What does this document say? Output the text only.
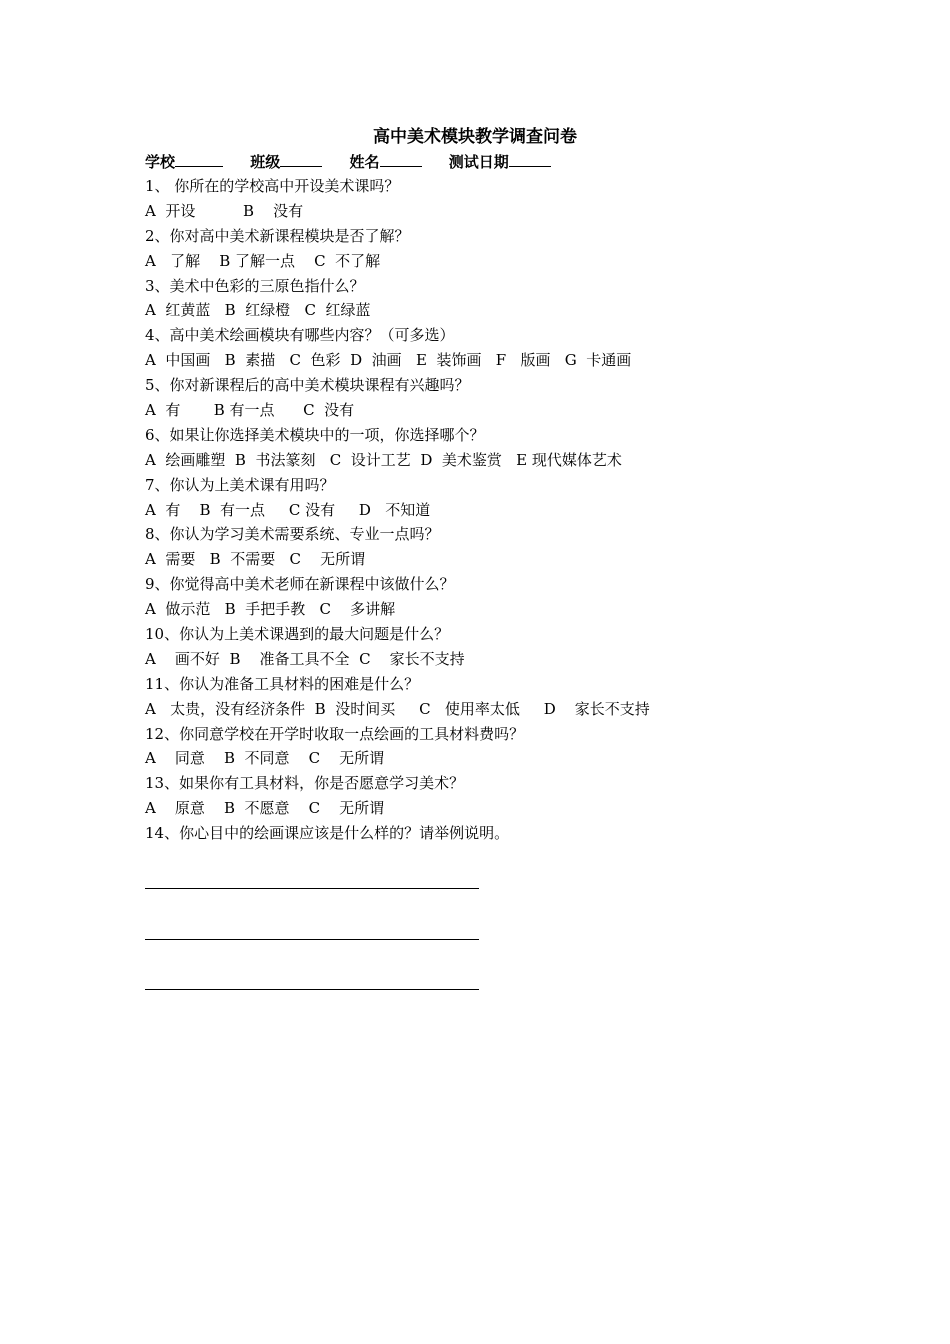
高中美术模块教学调查问卷
学校	班级	姓名	测试日期
1、 你所在的学校高中开设美术课吗？
A  开设          B    没有
2、你对高中美术新课程模块是否了解？
A   了解    B 了解一点    C  不了解
3、美术中色彩的三原色指什么？
A  红黄蓝   B  红绿橙   C  红绿蓝
4、高中美术绘画模块有哪些内容？（可多选）
A  中国画   B  素描   C  色彩  D  油画   E  装饰画   F   版画   G  卡通画
5、你对新课程后的高中美术模块课程有兴趣吗？
A  有       B 有一点      C  没有
6、如果让你选择美术模块中的一项，你选择哪个？
A  绘画雕塑  B  书法篆刻   C  设计工艺  D  美术鉴赏   E 现代媒体艺术
7、你认为上美术课有用吗？
A  有    B  有一点     C 没有     D   不知道
8、你认为学习美术需要系统、专业一点吗？
A  需要   B  不需要   C    无所谓
9、你觉得高中美术老师在新课程中该做什么？
A  做示范   B  手把手教   C    多讲解
10、你认为上美术课遇到的最大问题是什么？
A    画不好  B    准备工具不全  C    家长不支持
11、你认为准备工具材料的困难是什么？
A   太贵，没有经济条件  B  没时间买     C   使用率太低     D    家长不支持
12、你同意学校在开学时收取一点绘画的工具材料费吗？
A    同意    B  不同意    C    无所谓
13、如果你有工具材料，你是否愿意学习美术？
A    原意    B  不愿意    C    无所谓
14、你心目中的绘画课应该是什么样的？请举例说明。
